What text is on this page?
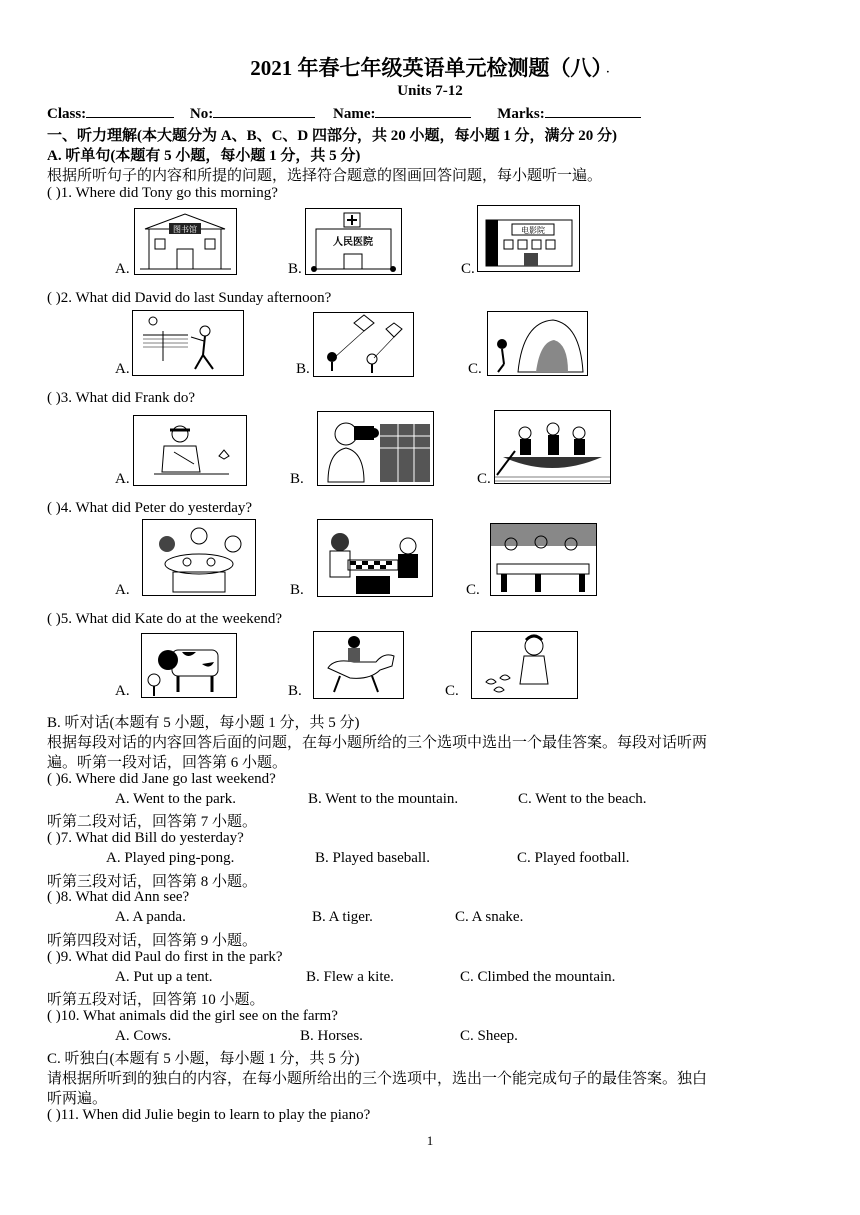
2021 年春七年级英语单元检测题（八） ·
Units 7-12
Class:	No:	Name:	Marks:
一、听力理解(本大题分为 A、B、C、D 四部分，共 20 小题，每小题 1 分，满分 20 分)
A. 听单句(本题有 5 小题，每小题 1 分，共 5 分)
根据所听句子的内容和所提的问题，选择符合题意的图画回答问题，每小题听一遍。
( )1. Where did Tony go this morning?
A.	B.	C.
图书馆
人民医院
电影院
( )2. What did David do last Sunday afternoon?
A.	B.	C.
( )3. What did Frank do?
A.	B.	C.
( )4. What did Peter do yesterday?
A.	B.	C.
( )5. What did Kate do at the weekend?
A.	B.	C.
B. 听对话(本题有 5 小题，每小题 1 分，共 5 分)
根据每段对话的内容回答后面的问题，在每小题所给的三个选项中选出一个最佳答案。每段对话听两
遍。听第一段对话，回答第 6 小题。
( )6. Where did Jane go last weekend?
A. Went to the park.	B. Went to the mountain.	C. Went to the beach.
听第二段对话，回答第 7 小题。
( )7. What did Bill do yesterday?
A. Played ping-pong.	B. Played baseball.	C. Played football.
听第三段对话，回答第 8 小题。
( )8. What did Ann see?
A. A panda.	B. A tiger.	C. A snake.
听第四段对话，回答第 9 小题。
( )9. What did Paul do first in the park?
A. Put up a tent.	B. Flew a kite.	C. Climbed the mountain.
听第五段对话，回答第 10 小题。
( )10. What animals did the girl see on the farm?
A. Cows.	B. Horses.	C. Sheep.
C. 听独白(本题有 5 小题，每小题 1 分，共 5 分)
请根据所听到的独白的内容，在每小题所给出的三个选项中，选出一个能完成句子的最佳答案。独白
听两遍。
( )11. When did Julie begin to learn to play the piano?
1
